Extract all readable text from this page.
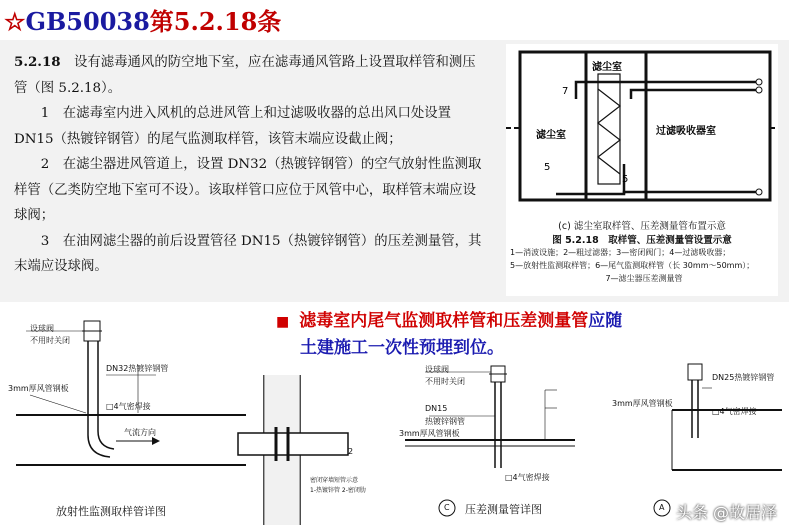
☆GB50038第5.2.18条

5.2.18　 设有滤毒通风的防空地下室，应在滤毒通风管路上设置取样管和测压管（图 5.2.18）。

1　在滤毒室内进入风机的总进风管上和过滤吸收器的总出风口处设置 DN15（热镀锌钢管）的尾气监测取样管，该管末端应设截止阀；

2　在滤尘器进风管道上，设置 DN32（热镀锌钢管）的空气放射性监测取样管（乙类防空地下室可不设）。该取样管口应位于风管中心，取样管末端应设球阀；

3　在油网滤尘器的前后设置管径 DN15（热镀锌钢管）的压差测量管，其末端应设球阀。

7
滤尘室
滤尘室
过滤吸收器室
5
5
(c) 滤尘室取样管、压差测量管布置示意
图 5.2.18　取样管、压差测量管设置示意
1—消波设施；2—粗过滤器；3—密闭阀门；4—过滤吸收器；
5—放射性监测取样管；6—尾气监测取样管（长 30mm～50mm）；
7—滤尘器压差测量管
■ 滤毒室内尾气监测取样管和压差测量管应随
土建施工一次性预埋到位。
设球阀
不用时关闭
DN32热镀锌钢管
3mm厚风管钢板
□4气密焊接
气流方向
放射性监测取样管详图
2
密闭穿墙短管示意
1-热镀锌管 2-密闭肋
设球阀
不用时关闭
DN15
热镀锌钢管
3mm厚风管钢板
□4气密焊接
C 压差测量管详图
DN25热镀锌钢管
3mm厚风管钢板
□4气密焊接
A 头条 @故居泽
